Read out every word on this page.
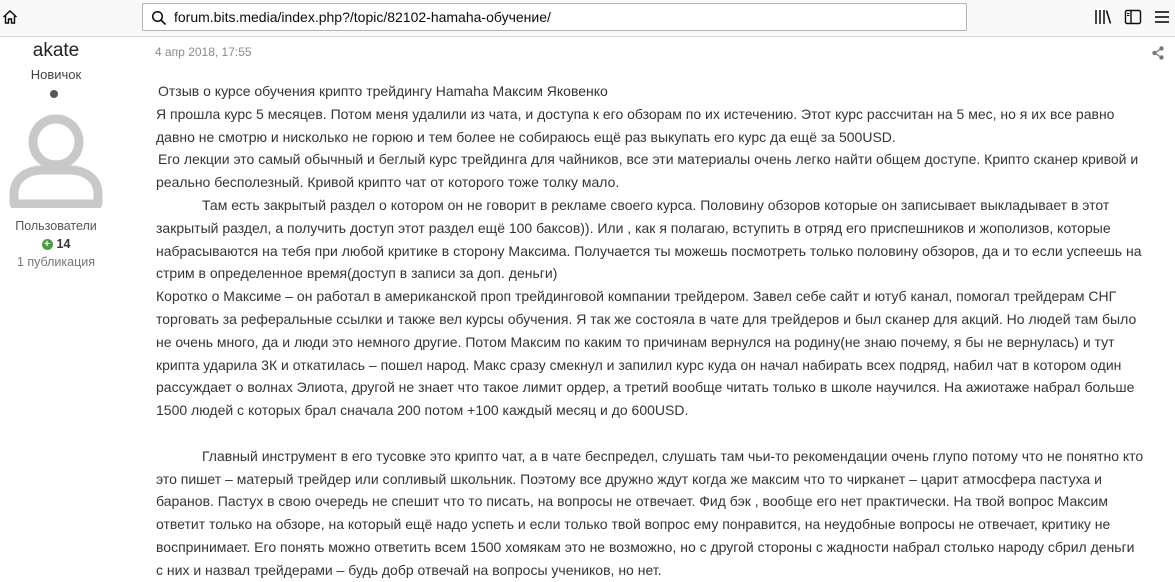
forum.bits.media/index.php?/topic/82102-hamaha-обучение/
akate
Новичок
Пользователи
+ 14
1 публикация
4 апр 2018, 17:55

Отзыв о курсе обучения крипто трейдингу Hamaha Максим Яковенко

Я прошла курс 5 месяцев. Потом меня удалили из чата, и доступа к его обзорам по их истечению. Этот курс рассчитан на 5 мес, но я их все равно

давно не смотрю и нисколько не горюю и тем более не собираюсь ещё раз выкупать его курс да ещё за 500USD.

Его лекции это самый обычный и беглый курс трейдинга для чайников, все эти материалы очень легко найти общем доступе. Крипто сканер кривой и

реально бесполезный. Кривой крипто чат от которого тоже толку мало.

Там есть закрытый раздел о котором он не говорит в рекламе своего курса. Половину обзоров которые он записывает выкладывает в этот

закрытый раздел, а получить доступ этот раздел ещё 100 баксов)). Или , как я полагаю, вступить в отряд его приспешников и жополизов, которые

набрасываются на тебя при любой критике в сторону Максима. Получается ты можешь посмотреть только половину обзоров, да и то если успеешь на

стрим в определенное время(доступ в записи за доп. деньги)

Коротко о Максиме – он работал в американской проп трейдинговой компании трейдером. Завел себе сайт и ютуб канал, помогал трейдерам СНГ

торговать за реферальные ссылки и также вел курсы обучения. Я так же состояла в чате для трейдеров и был сканер для акций. Но людей там было

не очень много, да и люди это немного другие. Потом Максим по каким то причинам вернулся на родину(не знаю почему, я бы не вернулась) и тут

крипта ударила 3К и откатилась – пошел народ. Макс сразу смекнул и запилил курс куда он начал набирать всех подряд, набил чат в котором один

рассуждает о волнах Элиота, другой не знает что такое лимит ордер, а третий вообще читать только в школе научился. На ажиотаже набрал больше

1500 людей с которых брал сначала 200 потом +100 каждый месяц и до 600USD.

Главный инструмент в его тусовке это крипто чат, а в чате беспредел, слушать там чьи-то рекомендации очень глупо потому что не понятно кто

это пишет – матерый трейдер или сопливый школьник. Поэтому все дружно ждут когда же максим что то чирканет – царит атмосфера пастуха и

баранов. Пастух в свою очередь не спешит что то писать, на вопросы не отвечает. Фид бэк , вообще его нет практически. На твой вопрос Максим

ответит только на обзоре, на который ещё надо успеть и если только твой вопрос ему понравится, на неудобные вопросы не отвечает, критику не

воспринимает. Его понять можно ответить всем 1500 хомякам это не возможно, но с другой стороны с жадности набрал столько народу сбрил деньги

с них и назвал трейдерами – будь добр отвечай на вопросы учеников, но нет.
